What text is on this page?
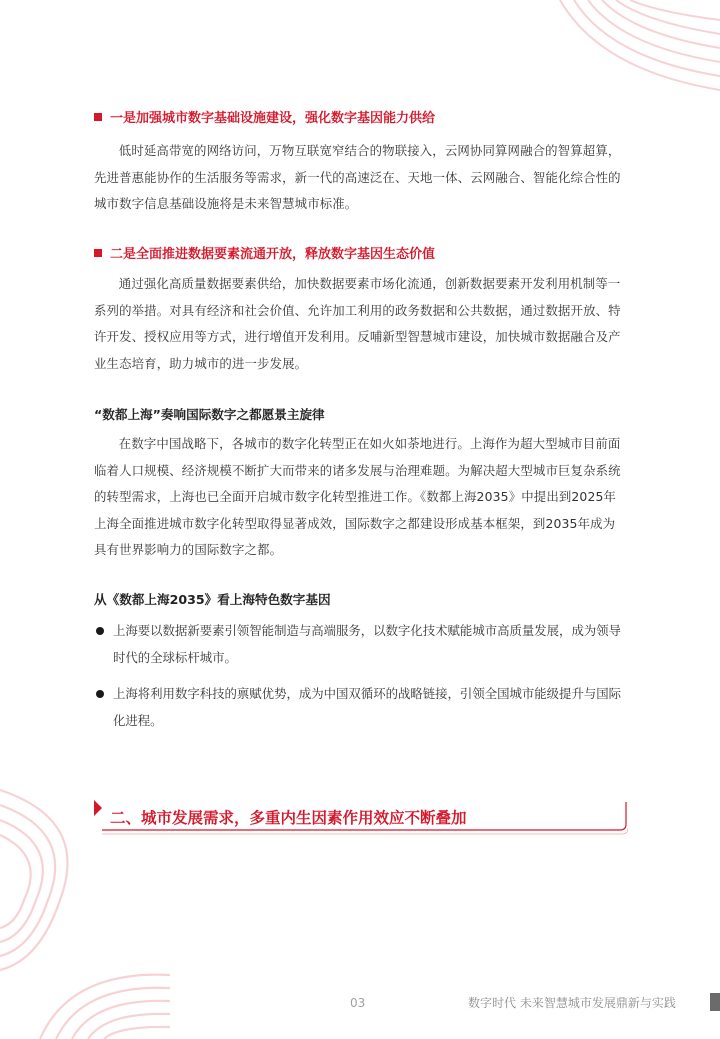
一是加强城市数字基础设施建设，强化数字基因能力供给
低时延高带宽的网络访问，万物互联宽窄结合的物联接入，云网协同算网融合的智算超算，先进普惠能协作的生活服务等需求，新一代的高速泛在、天地一体、云网融合、智能化综合性的城市数字信息基础设施将是未来智慧城市标准。
二是全面推进数据要素流通开放，释放数字基因生态价值
通过强化高质量数据要素供给，加快数据要素市场化流通，创新数据要素开发利用机制等一系列的举措。对具有经济和社会价值、允许加工利用的政务数据和公共数据，通过数据开放、特许开发、授权应用等方式，进行增值开发利用。反哺新型智慧城市建设，加快城市数据融合及产业生态培育，助力城市的进一步发展。
“数都上海”奏响国际数字之都愿景主旋律
在数字中国战略下，各城市的数字化转型正在如火如荼地进行。上海作为超大型城市目前面临着人口规模、经济规模不断扩大而带来的诸多发展与治理难题。为解决超大型城市巨复杂系统的转型需求，上海也已全面开启城市数字化转型推进工作。《数都上海2035》中提出到2025年上海全面推进城市数字化转型取得显著成效，国际数字之都建设形成基本框架，到2035年成为具有世界影响力的国际数字之都。
从《数都上海2035》看上海特色数字基因
上海要以数据新要素引领智能制造与高端服务，以数字化技术赋能城市高质量发展，成为领导时代的全球标杆城市。
上海将利用数字科技的禀赋优势，成为中国双循环的战略链接，引领全国城市能级提升与国际化进程。
二、城市发展需求，多重内生因素作用效应不断叠加
03	数字时代 未来智慧城市发展鼎新与实践
